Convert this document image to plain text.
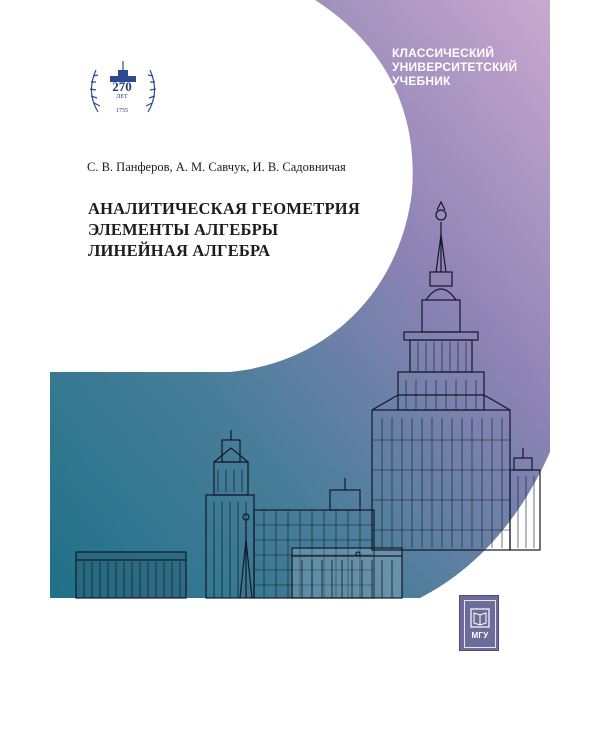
270
ЛЕТ
1755
КЛАССИЧЕСКИЙ
УНИВЕРСИТЕТСКИЙ
УЧЕБНИК
С. В. Панферов, А. М. Савчук, И. В. Садовничая
АНАЛИТИЧЕСКАЯ ГЕОМЕТРИЯ
ЭЛЕМЕНТЫ АЛГЕБРЫ
ЛИНЕЙНАЯ АЛГЕБРА
МГУ
